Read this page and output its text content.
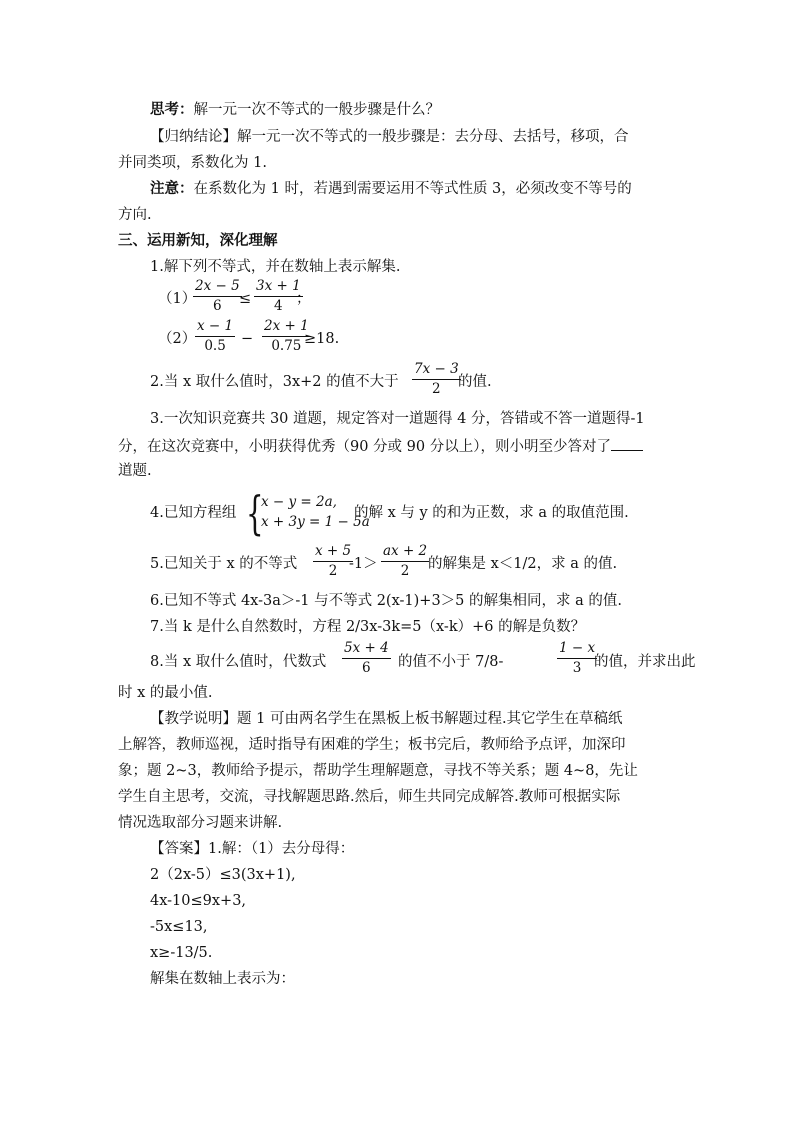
思考：解一元一次不等式的一般步骤是什么？
【归纳结论】解一元一次不等式的一般步骤是：去分母、去括号，移项，合
并同类项，系数化为 1.
注意：在系数化为 1 时，若遇到需要运用不等式性质 3，必须改变不等号的
方向.
三、运用新知，深化理解
1.解下列不等式，并在数轴上表示解集.
（1）
$\frac{2x - 5}{6}$
≤ $\frac{3x + 1}{4}$
；
（2）
$\frac{x - 1}{0.5} - \frac{2x + 1}{0.75}$
≥18.
2.当 x 取什么值时，3x+2 的值不大于 $\frac{7x - 3}{2}$
的值.
3.一次知识竞赛共 30 道题，规定答对一道题得 4 分，答错或不答一道题得-1
分，在这次竞赛中，小明获得优秀（90 分或 90 分以上），则小明至少答对了
道题.
4.已知方程组 {
x − y = 2a,
x + 3y = 1 − 5a
的解 x 与 y 的和为正数，求 a 的取值范围.
5.已知关于 x 的不等式 $\frac{x + 5}{2}$
$-1> \frac{ax + 2}{2}$
的解集是 x＜1/2，求 a 的值.
6.已知不等式 4x-3a＞-1 与不等式 2(x-1)+3＞5 的解集相同，求 a 的值.
7.当 k 是什么自然数时，方程 2/3x-3k=5（x-k）+6 的解是负数？
8.当 x 取什么值时，代数式 $\frac{5x + 4}{6}$ 的值不小于 7/8-	$\frac{1 - x}{3}$
的值，并求出此
时 x 的最小值.
【教学说明】题 1 可由两名学生在黑板上板书解题过程.其它学生在草稿纸
上解答，教师巡视，适时指导有困难的学生；板书完后，教师给予点评，加深印
象；题 2~3，教师给予提示，帮助学生理解题意，寻找不等关系；题 4~8，先让
学生自主思考，交流，寻找解题思路.然后，师生共同完成解答.教师可根据实际
情况选取部分习题来讲解.
【答案】1.解：（1）去分母得：
2（2x-5）≤3(3x+1),
4x-10≤9x+3,
-5x≤13,
x≥-13/5.
解集在数轴上表示为：
